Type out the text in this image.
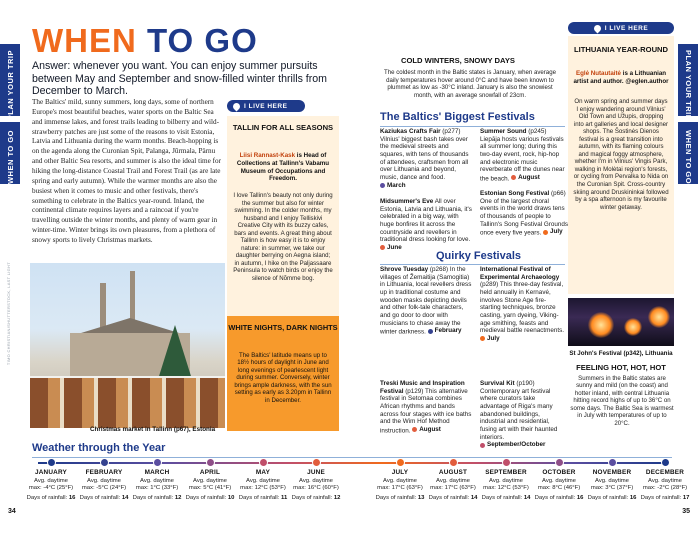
PLAN YOUR TRIP
WHEN TO GO
TIMO CHRISTIAN/SHUTTERSTOCK, LAST LIGHT
PLAN YOUR TRIP
WHEN TO GO
WHEN TO GO
Answer: whenever you want. You can enjoy summer pursuits between May and September and snow-filled winter thrills from December to March.
The Baltics' mild, sunny summers, long days, some of northern Europe's most beautiful beaches, water sports on the Baltic Sea and immense lakes, and forest trails leading to bilberry and wild-strawberry patches are just some of the reasons to visit Estonia, Latvia and Lithuania during the warm months. Beach-hopping is on the agenda along the Curonian Spit, Palanga, Jūrmala, Pärnu and other Baltic Sea resorts, and summer is also the ideal time for hiking the long-distance Coastal Trail and Forest Trail (as are late spring and early autumn). While the warmer months are also the busiest when it comes to music and other festivals, there's something to celebrate in the Baltics year-round. Inland, the continental climate requires layers and a raincoat if you're travelling outside the winter months, and plenty of warm gear in winter-time. Winter brings its own pleasures, from a plethora of snowy sports to lively Christmas markets.
Christmas market in Tallinn (p67), Estonia
I LIVE HERE
TALLIN FOR ALL SEASONS
Liisi Rannast-Kask is Head of Collections at Tallinn's Vabamu Museum of Occupations and Freedom.
I love Tallinn's beauty not only during the summer but also for winter swimming. In the colder months, my husband and I enjoy Telliskivi Creative City with its buzzy cafes, bars and events. A great thing about Tallinn is how easy it is to enjoy nature: in summer, we take our daughter berrying on Aegna island; in autumn, I hike on the Paljassaare Peninsula to watch birds or enjoy the silence of Nõmme bog.
WHITE NIGHTS, DARK NIGHTS

The Baltics' latitude means up to 18½ hours of daylight in June and long evenings of pearlescent light during summer. Conversely, winter brings ample darkness, with the sun setting as early as 3.20pm in Tallinn in December.

COLD WINTERS, SNOWY DAYS
The coldest month in the Baltic states is January, when average daily temperatures hover around 0°C and have been known to plummet as low as -30°C inland. January is also the snowiest month, with an average snowfall of 23cm.
The Baltics' Biggest Festivals
Kaziukas Crafts Fair (p277) Vilnius' biggest bash takes over the medieval streets and squares, with tens of thousands of attendees, craftsmen from all over Lithuania and beyond, music, dance and food.
March
Midsummer's Eve All over Estonia, Latvia and Lithuania, it's celebrated in a big way, with huge bonfires lit across the countryside and revellers in traditional dress looking for love.
June
Summer Sound (p245) Liepāja hosts various festivals all summer long; during this two-day event, rock, hip-hop and electronic music reverberate off the dunes near the beach. August
Estonian Song Festival (p66) One of the largest choral events in the world draws tens of thousands of people to Tallinn's Song Festival Grounds once every five years. July
Quirky Festivals
Shrove Tuesday (p268) In the villages of Žemaitija (Samogitia) in Lithuania, local revellers dress up in traditional costume and wooden masks depicting devils and other folk-tale characters, and go door to door with musicians to chase away the winter darkness. February
Treski Music and Inspiration Festival (p129) This alternative festival in Setomaa combines African rhythms and bands across four stages with ice baths and the Wim Hof Method instruction. August
International Festival of Experimental Archaeology (p289) This three-day festival, held annually in Kernavė, involves Stone Age fire-starting techniques, bronze casting, yarn dyeing, Viking-age smithing, feasts and medieval battle reenactments.
July
Survival Kit (p190) Contemporary art festival where curators take advantage of Riga's many abandoned buildings, industrial and residential, fusing art with their haunted interiors.
September/October
I LIVE HERE
LITHUANIA YEAR-ROUND
Eglė Nutautaitė is a Lithuanian artist and author. @eglen.author
On warm spring and summer days I enjoy wandering around Vilnius' Old Town and Užupis, dropping into art galleries and local designer shops. The Šostinės Dienos festival is a great transition into autumn, with its flaming colours and magical foggy atmosphere, whether I'm in Vilnius' Vingis Park, walking in Molėtai region's forests, or cycling from Pervalka to Nida on the Curonian Spit. Cross-country skiing around Druskininkai followed by a spa afternoon is my favourite winter getaway.
St John's Festival (p342), Lithuania
FEELING HOT, HOT, HOT
Summers in the Baltic states are sunny and mild (on the coast) and hotter inland, with central Lithuania hitting record highs of up to 36°C on some days. The Baltic Sea is warmest in July with temperatures of up to 20°C.
Weather through the Year
JANUARY
Avg. daytime
max: -4°C (25°F)
Days of rainfall: 16
FEBRUARY
Avg. daytime
max: -5°C (24°F)
Days of rainfall: 14
MARCH
Avg. daytime
max: 1°C (33°F)
Days of rainfall: 12
APRIL
Avg. daytime
max: 5°C (41°F)
Days of rainfall: 10
MAY
Avg. daytime
max: 12°C (53°F)
Days of rainfall: 11
JUNE
Avg. daytime
max: 16°C (60°F)
Days of rainfall: 12
JULY
Avg. daytime
max: 17°C (63°F)
Days of rainfall: 13
AUGUST
Avg. daytime
max: 17°C (63°F)
Days of rainfall: 14
SEPTEMBER
Avg. daytime
max: 12°C (53°F)
Days of rainfall: 14
OCTOBER
Avg. daytime
max: 8°C (46°F)
Days of rainfall: 16
NOVEMBER
Avg. daytime
max: 3°C (37°F)
Days of rainfall: 16
DECEMBER
Avg. daytime
max: -2°C (28°F)
Days of rainfall: 17
34	35
